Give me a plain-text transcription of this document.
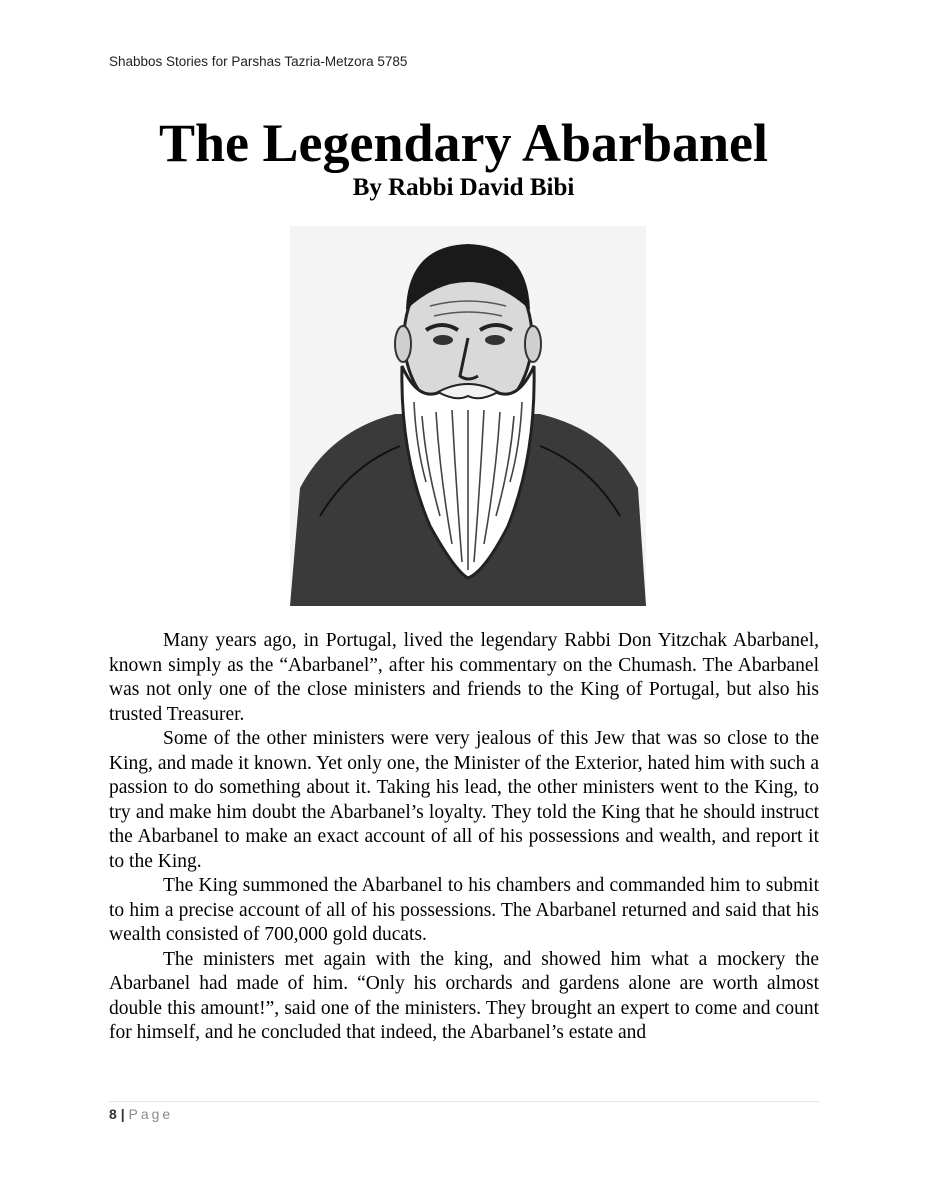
Shabbos Stories for Parshas Tazria-Metzora 5785
The Legendary Abarbanel
By Rabbi David Bibi

Many years ago, in Portugal, lived the legendary Rabbi Don Yitzchak Abarbanel, known simply as the “Abarbanel”, after his commentary on the Chumash. The Abarbanel was not only one of the close ministers and friends to the King of Portugal, but also his trusted Treasurer.

Some of the other ministers were very jealous of this Jew that was so close to the King, and made it known. Yet only one, the Minister of the Exterior, hated him with such a passion to do something about it. Taking his lead, the other ministers went to the King, to try and make him doubt the Abarbanel’s loyalty. They told the King that he should instruct the Abarbanel to make an exact account of all of his possessions and wealth, and report it to the King.

The King summoned the Abarbanel to his chambers and commanded him to submit to him a precise account of all of his possessions. The Abarbanel returned and said that his wealth consisted of 700,000 gold ducats.

The ministers met again with the king, and showed him what a mockery the Abarbanel had made of him. “Only his orchards and gardens alone are worth almost double this amount!”, said one of the ministers. They brought an expert to come and count for himself, and he concluded that indeed, the Abarbanel’s estate and

8 | Page
